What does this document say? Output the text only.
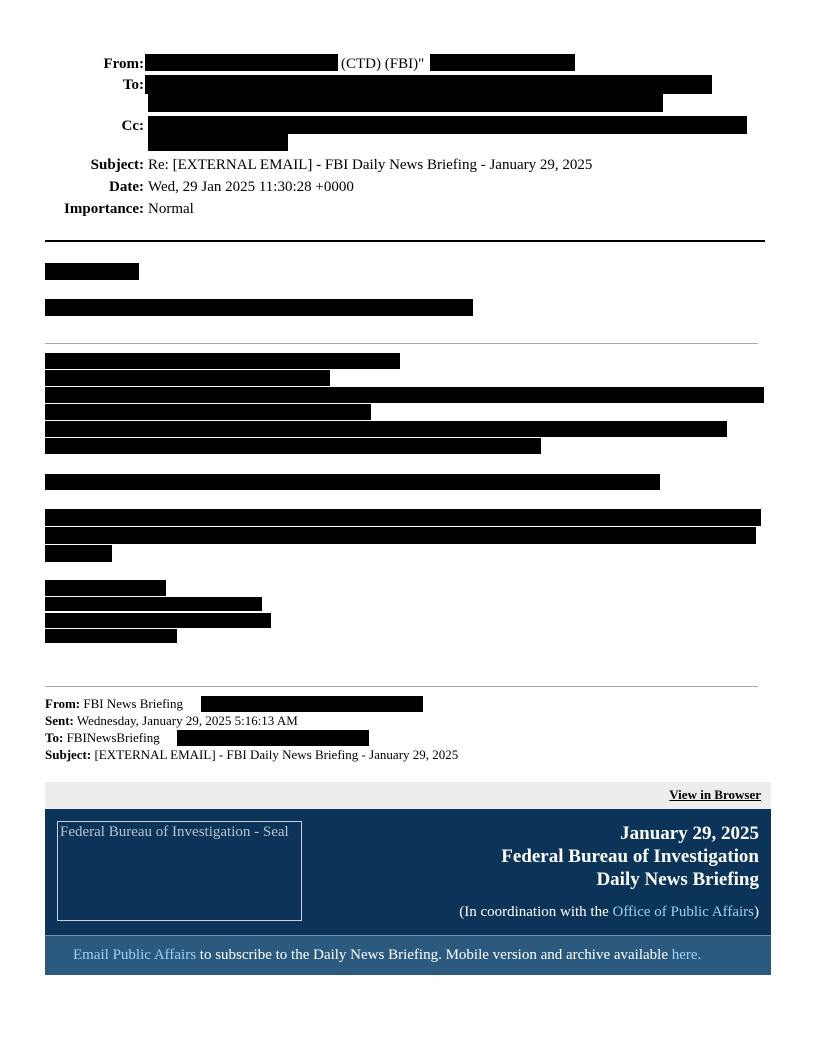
From:	(CTD) (FBI)"
To:
Cc:
Subject: Re: [EXTERNAL EMAIL] - FBI Daily News Briefing - January 29, 2025
Date: Wed, 29 Jan 2025 11:30:28 +0000
Importance: Normal
From: FBI News Briefing
Sent: Wednesday, January 29, 2025 5:16:13 AM
To: FBINewsBriefing
Subject: [EXTERNAL EMAIL] - FBI Daily News Briefing - January 29, 2025
View in Browser
Federal Bureau of Investigation - Seal	January 29, 2025
Federal Bureau of Investigation
Daily News Briefing
(In coordination with the Office of Public Affairs)
Email Public Affairs to subscribe to the Daily News Briefing. Mobile version and archive available here.
